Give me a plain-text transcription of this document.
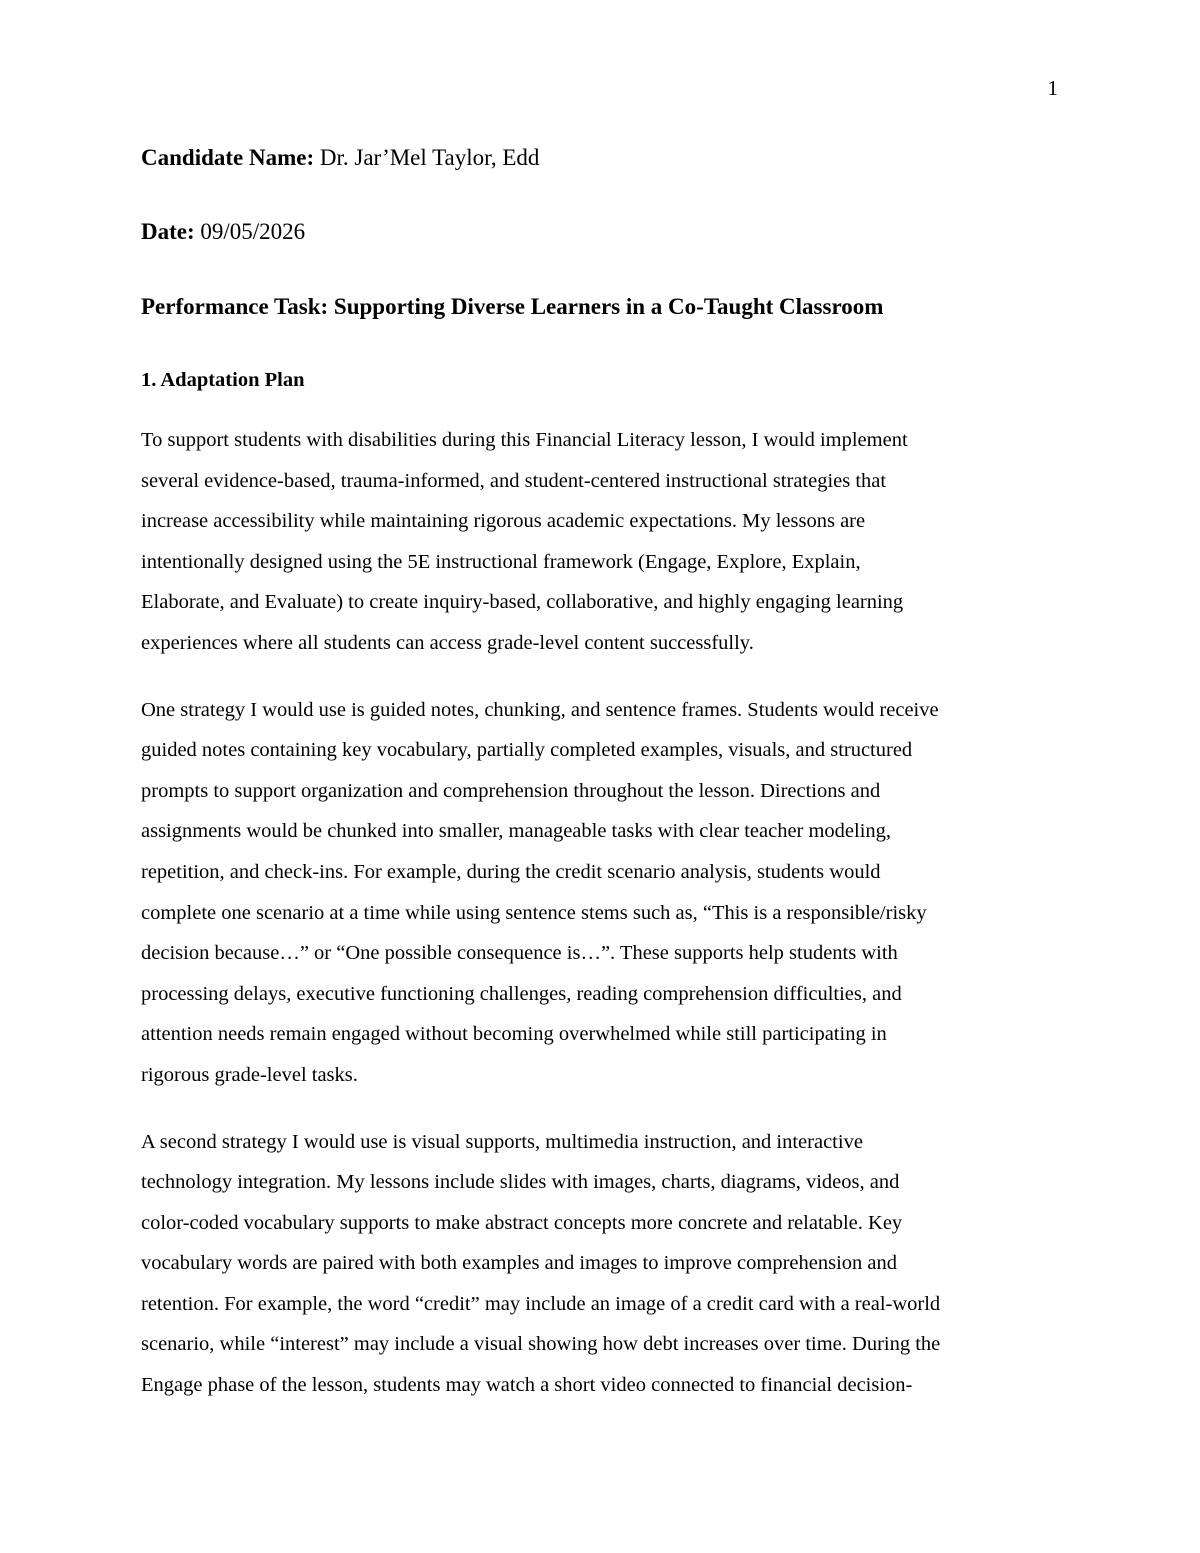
1

Candidate Name: Dr. Jar’Mel Taylor, Edd

Date: 09/05/2026

Performance Task: Supporting Diverse Learners in a Co-Taught Classroom
1. Adaptation Plan

To support students with disabilities during this Financial Literacy lesson, I would implement
several evidence-based, trauma-informed, and student-centered instructional strategies that
increase accessibility while maintaining rigorous academic expectations. My lessons are
intentionally designed using the 5E instructional framework (Engage, Explore, Explain,
Elaborate, and Evaluate) to create inquiry-based, collaborative, and highly engaging learning
experiences where all students can access grade-level content successfully.

One strategy I would use is guided notes, chunking, and sentence frames. Students would receive
guided notes containing key vocabulary, partially completed examples, visuals, and structured
prompts to support organization and comprehension throughout the lesson. Directions and
assignments would be chunked into smaller, manageable tasks with clear teacher modeling,
repetition, and check-ins. For example, during the credit scenario analysis, students would
complete one scenario at a time while using sentence stems such as, “This is a responsible/risky
decision because…” or “One possible consequence is…”. These supports help students with
processing delays, executive functioning challenges, reading comprehension difficulties, and
attention needs remain engaged without becoming overwhelmed while still participating in
rigorous grade-level tasks.

A second strategy I would use is visual supports, multimedia instruction, and interactive
technology integration. My lessons include slides with images, charts, diagrams, videos, and
color-coded vocabulary supports to make abstract concepts more concrete and relatable. Key
vocabulary words are paired with both examples and images to improve comprehension and
retention. For example, the word “credit” may include an image of a credit card with a real-world
scenario, while “interest” may include a visual showing how debt increases over time. During the
Engage phase of the lesson, students may watch a short video connected to financial decision-
